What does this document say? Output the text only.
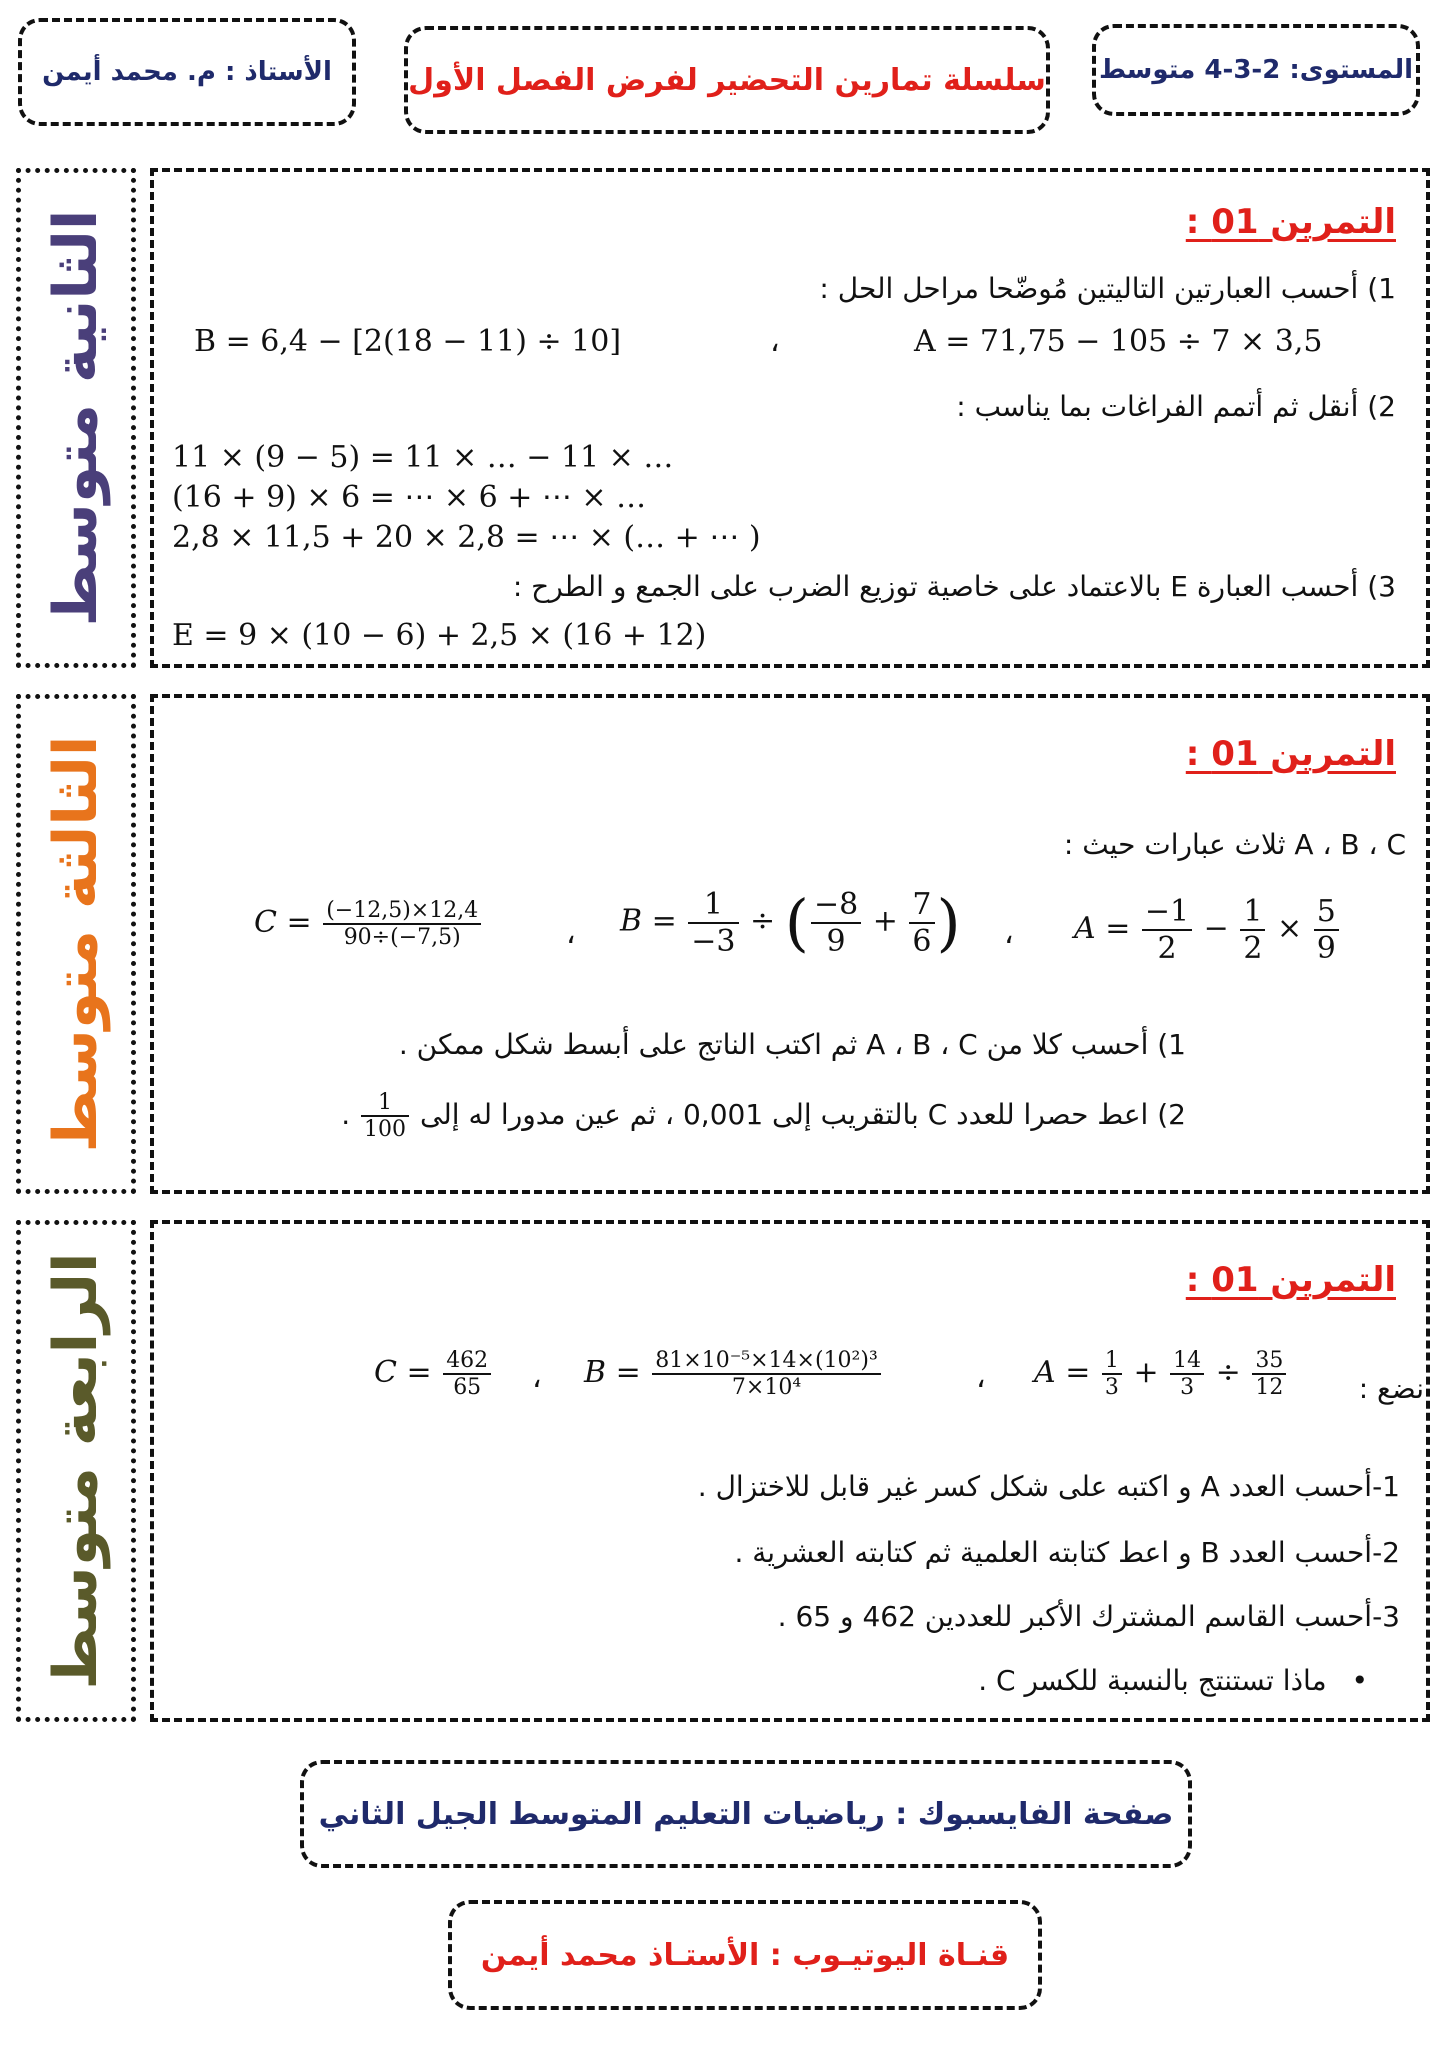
المستوى: 2-3-4 متوسط
سلسلة تمارين التحضير لفرض الفصل الأول
الأستاذ : م. محمد أيمن
الثانية متوسط	التمرين 01 :
1) أحسب العبارتين التاليتين مُوضّحا مراحل الحل :
A = 71,75 − 105 ÷ 7 × 3,5
،
B = 6,4 − [2(18 − 11) ÷ 10]
2) أنقل ثم أتمم الفراغات بما يناسب :
11 × (9 − 5) = 11 × … − 11 × …
(16 + 9) × 6 = ⋯ × 6 + ⋯ × …
2,8 × 11,5 + 20 × 2,8 = ⋯ × (… + ⋯ )
3) أحسب العبارة E بالاعتماد على خاصية توزيع الضرب على الجمع و الطرح :
E = 9 × (10 − 6) + 2,5 × (16 + 12)
الثالثة متوسط	التمرين 01 :
A ، B ، C ثلاث عبارات حيث :
$A = \frac{-1}{2} - \frac{1}{2} \times \frac{5}{9}$
،
$B = \frac{1}{-3}$ ÷ ( $\frac{-8}{9} + \frac{7}{6}$ )
،
$C = \frac{(-12,5)\times 12,4}{90\div(-7,5)}$
1) أحسب كلا من A ، B ، C ثم اكتب الناتج على أبسط شكل ممكن .
2) اعط حصرا للعدد C بالتقريب إلى 0,001 ، ثم عين مدورا له إلى
$\frac{1}{100}$
.
الرابعة متوسط	التمرين 01 :
نضع :
$A = \frac{1}{3} + \frac{14}{3} \div \frac{35}{12}$
،
$B = \frac{\text{81×10⁻⁵×14×(10²)³}}{\text{7×10⁴}}$
،
$C = \frac{462}{65}$
1-أحسب العدد A و اكتبه على شكل كسر غير قابل للاختزال .
2-أحسب العدد B و اعط كتابته العلمية ثم كتابته العشرية .
3-أحسب القاسم المشترك الأكبر للعددين 462 و 65 .
• ماذا تستنتج بالنسبة للكسر C .
صفحة الفايسبوك : رياضيات التعليم المتوسط الجيل الثاني
قنـاة اليوتيـوب : الأستـاذ محمد أيمن
